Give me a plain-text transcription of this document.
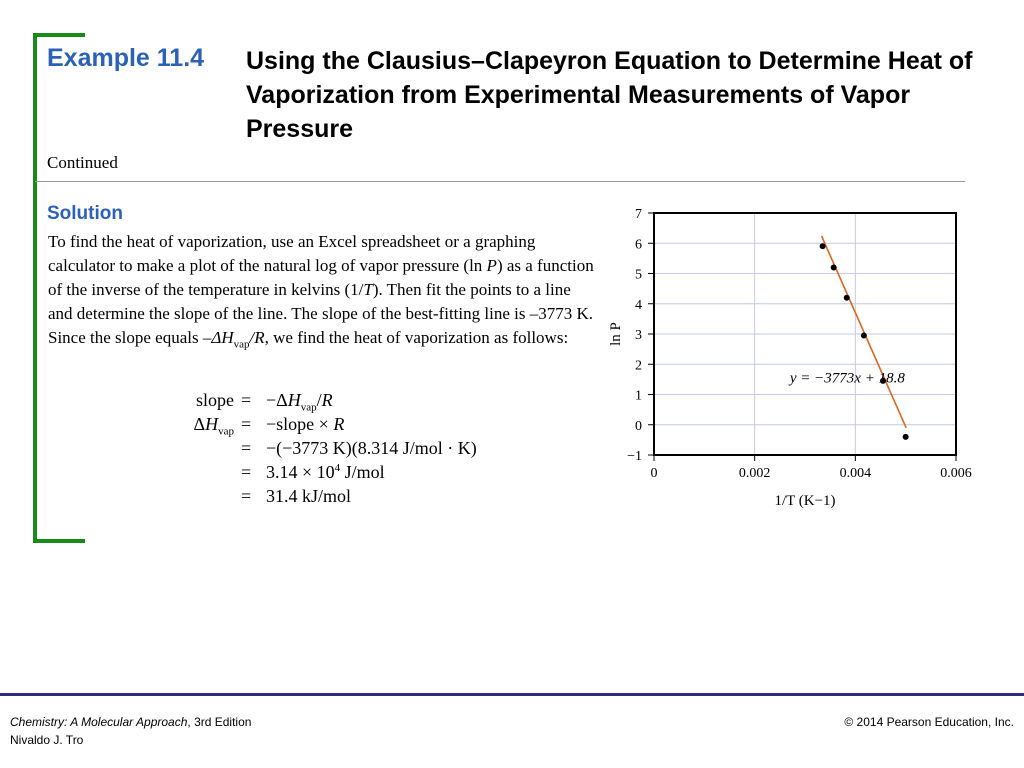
Example 11.4 Using the Clausius–Clapeyron Equation to Determine Heat of Vaporization from Experimental Measurements of Vapor Pressure
Continued
Solution
To find the heat of vaporization, use an Excel spreadsheet or a graphing calculator to make a plot of the natural log of vapor pressure (ln P) as a function of the inverse of the temperature in kelvins (1/T). Then fit the points to a line and determine the slope of the line. The slope of the best-fitting line is –3773 K. Since the slope equals $-\Delta H_{vap}/R$, we find the heat of vaporization as follows:
slope = $-\Delta H_{vap}/R$
$\Delta H_{vap}$ = −slope × R
= −(−3773 K)(8.314 J/mol · K)
= $3.14 \times 10^4$ J/mol
= 31.4 kJ/mol
−1
0
1
2
3
4
5
6
7
0	0.002	0.004	0.006
y = −3773x + 18.8
1/T (K−1)
ln P
Chemistry: A Molecular Approach, 3rd Edition
Nivaldo J. Tro
© 2014 Pearson Education, Inc.
